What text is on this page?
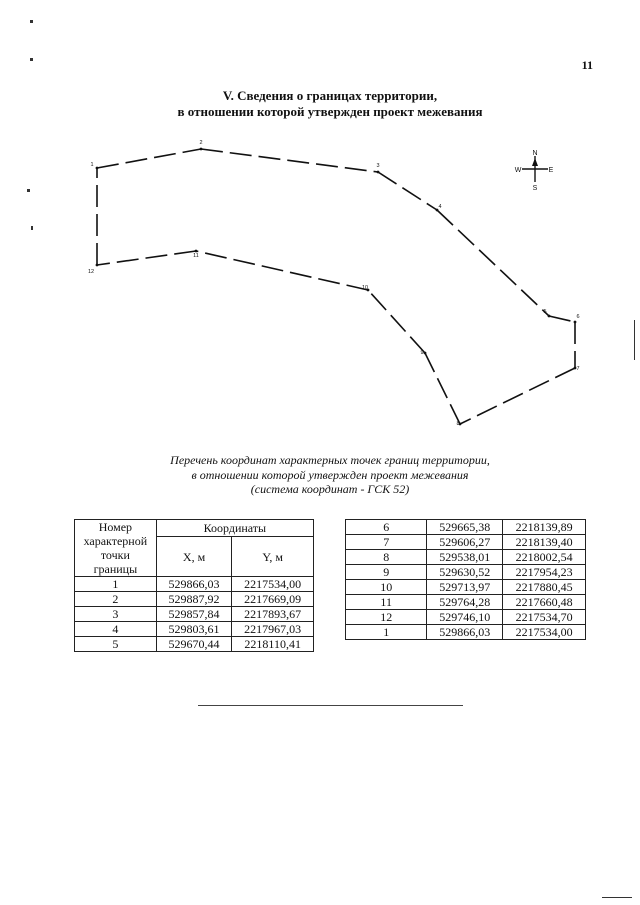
11
V. Сведения о границах территории,
в отношении которой утвержден проект межевания
1
2
3
4
5
6
7
8
9
10
11
12
N
S
W	E
Перечень координат характерных точек границ территории,
в отношении которой утвержден проект межевания
(система координат - ГСК 52)
Номер
характерной
точки
границы	Координаты	
	X, м	Y, м
1	529866,03	2217534,00
2	529887,92	2217669,09
3	529857,84	2217893,67
4	529803,61	2217967,03
5	529670,44	2218110,41
6	529665,38	2218139,89
7	529606,27	2218139,40
8	529538,01	2218002,54
9	529630,52	2217954,23
10	529713,97	2217880,45
11	529764,28	2217660,48
12	529746,10	2217534,70
1	529866,03	2217534,00
